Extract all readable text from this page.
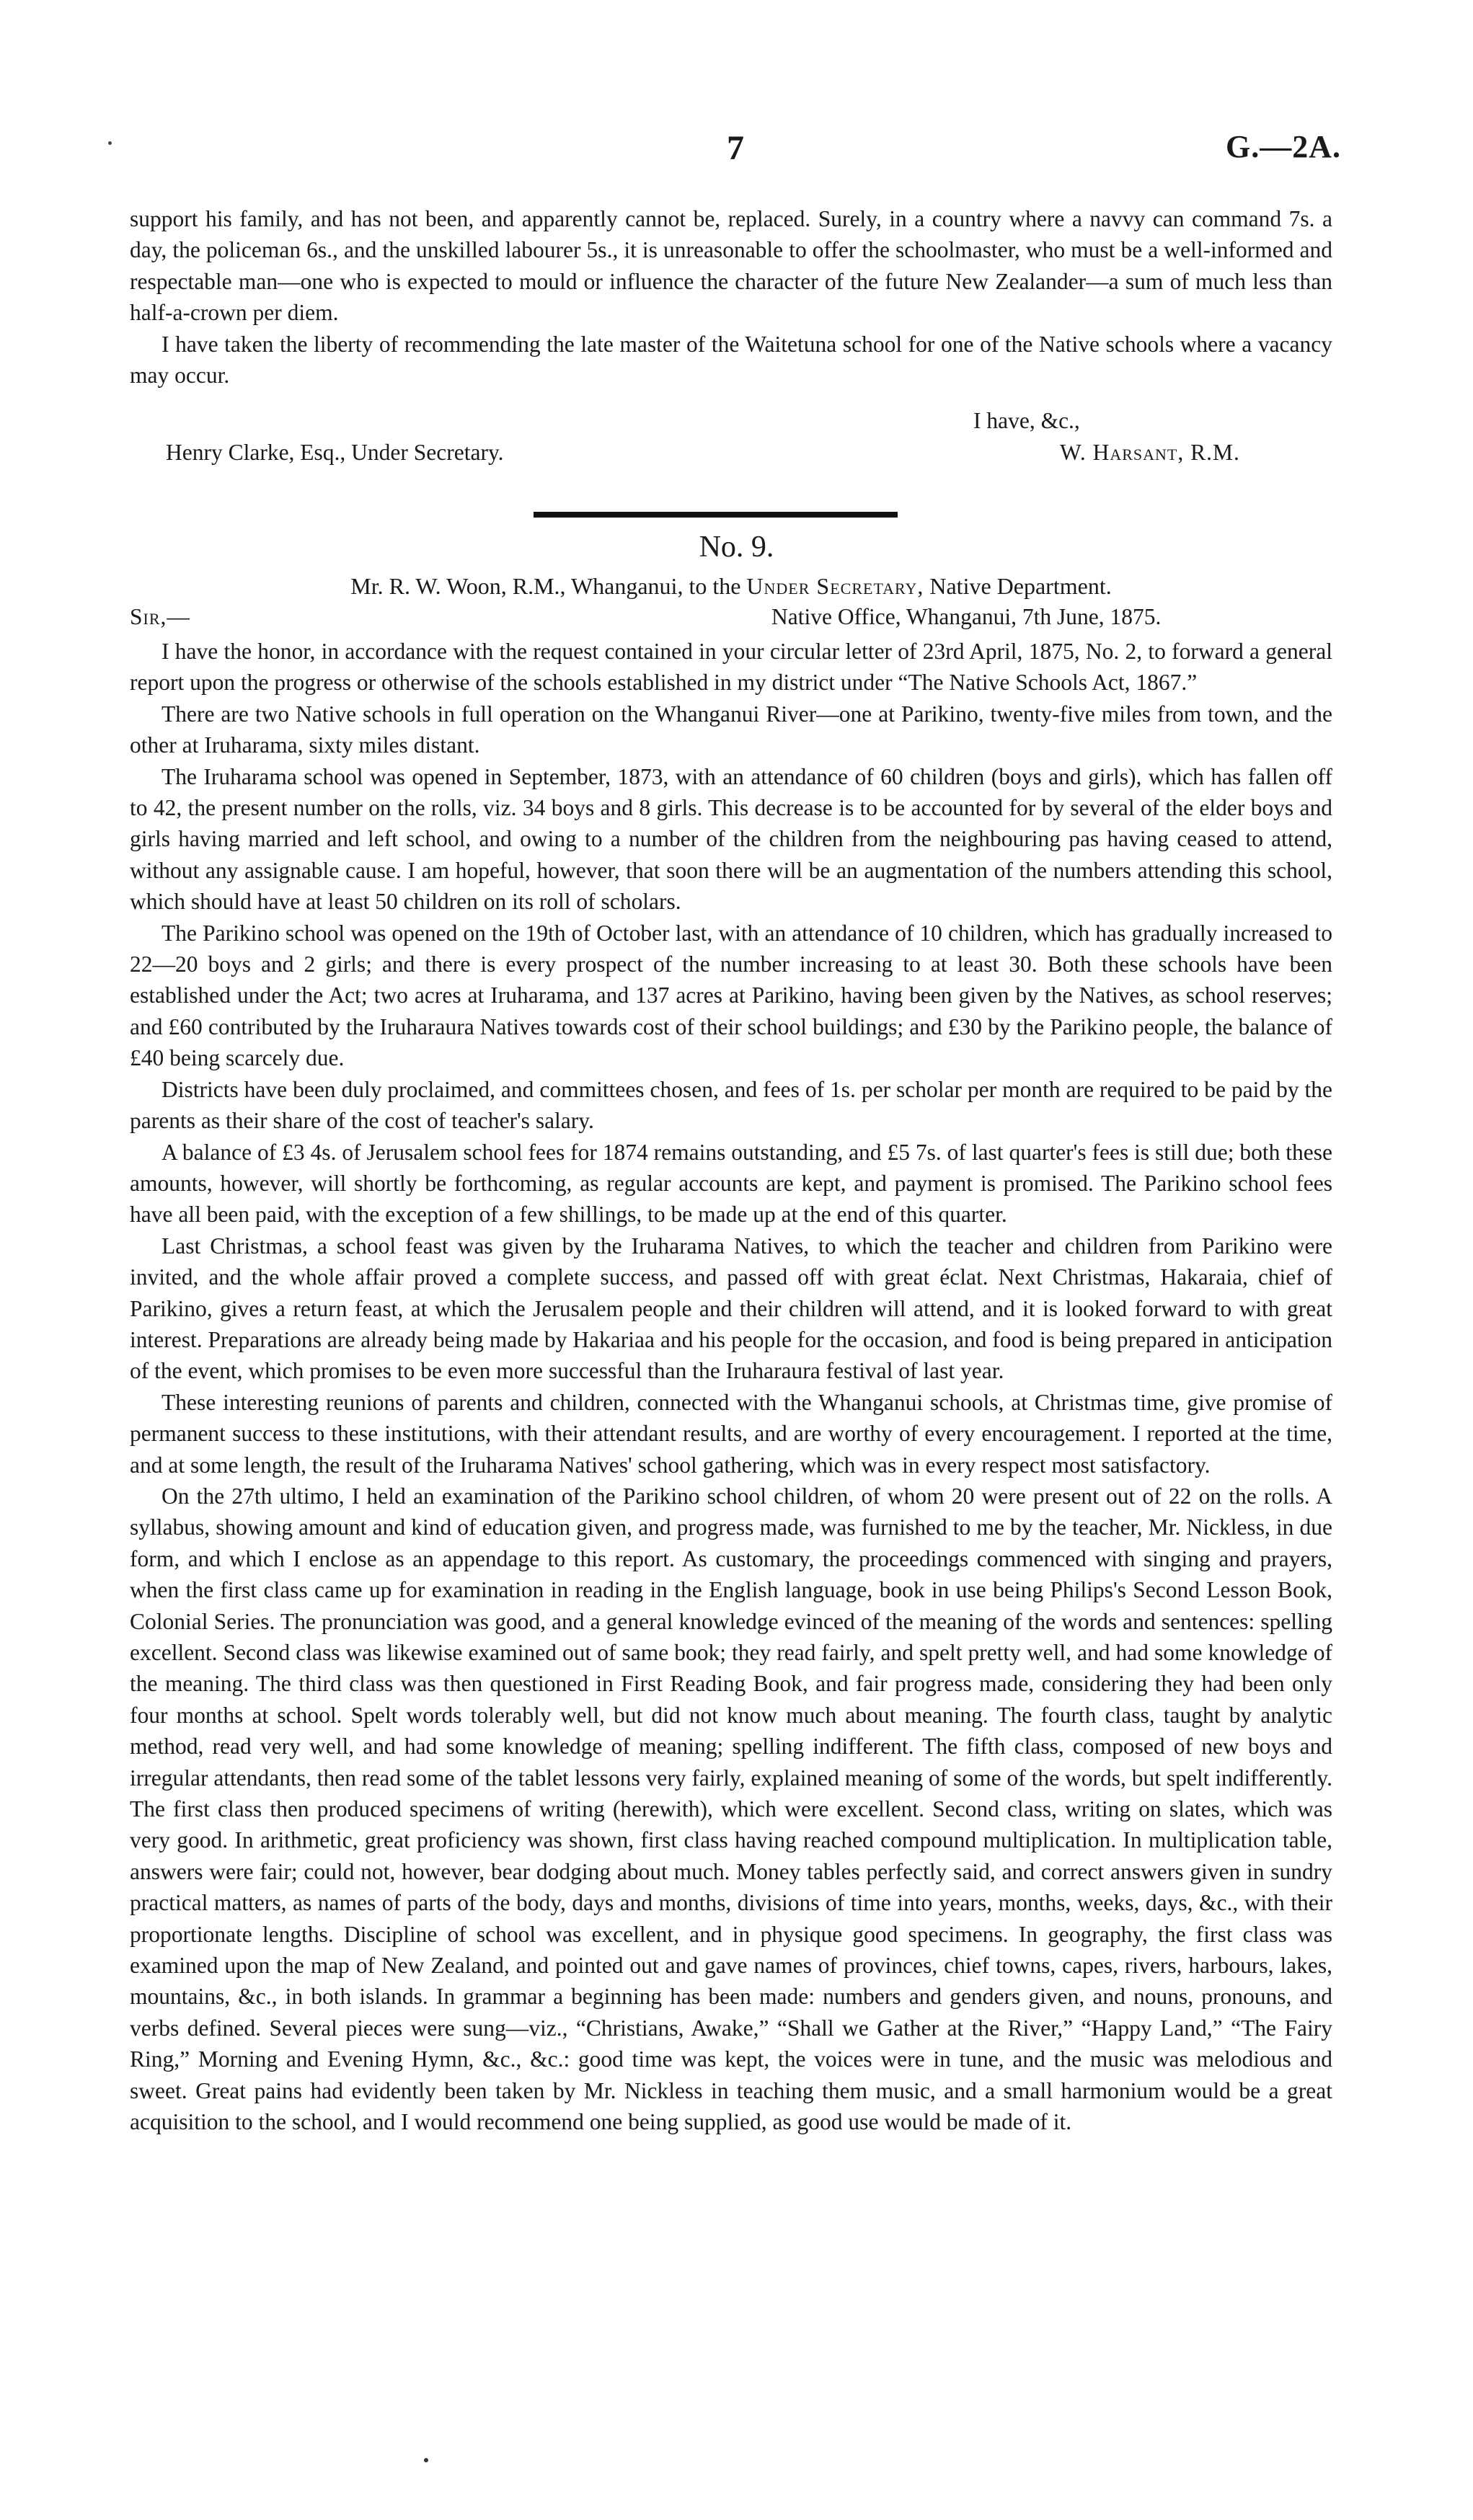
7	G.—2A.

support his family, and has not been, and apparently cannot be, replaced. Surely, in a country where a navvy can command 7s. a day, the policeman 6s., and the unskilled labourer 5s., it is unreasonable to offer the schoolmaster, who must be a well-informed and respectable man—one who is expected to mould or influence the character of the future New Zealander—a sum of much less than half-a-crown per diem.

I have taken the liberty of recommending the late master of the Waitetuna school for one of the Native schools where a vacancy may occur.

I have, &c.,
Henry Clarke, Esq., Under Secretary.	W. Harsant, R.M.
No. 9.
Mr. R. W. Woon, R.M., Whanganui, to the Under Secretary, Native Department.
Sir,—	Native Office, Whanganui, 7th June, 1875.

I have the honor, in accordance with the request contained in your circular letter of 23rd April, 1875, No. 2, to forward a general report upon the progress or otherwise of the schools established in my district under “The Native Schools Act, 1867.”

There are two Native schools in full operation on the Whanganui River—one at Parikino, twenty-five miles from town, and the other at Iruharama, sixty miles distant.

The Iruharama school was opened in September, 1873, with an attendance of 60 children (boys and girls), which has fallen off to 42, the present number on the rolls, viz. 34 boys and 8 girls. This decrease is to be accounted for by several of the elder boys and girls having married and left school, and owing to a number of the children from the neighbouring pas having ceased to attend, without any assignable cause. I am hopeful, however, that soon there will be an augmentation of the numbers attending this school, which should have at least 50 children on its roll of scholars.

The Parikino school was opened on the 19th of October last, with an attendance of 10 children, which has gradually increased to 22—20 boys and 2 girls; and there is every prospect of the number increasing to at least 30. Both these schools have been established under the Act; two acres at Iruharama, and 137 acres at Parikino, having been given by the Natives, as school reserves; and £60 contributed by the Iruharaura Natives towards cost of their school buildings; and £30 by the Parikino people, the balance of £40 being scarcely due.

Districts have been duly proclaimed, and committees chosen, and fees of 1s. per scholar per month are required to be paid by the parents as their share of the cost of teacher's salary.

A balance of £3 4s. of Jerusalem school fees for 1874 remains outstanding, and £5 7s. of last quarter's fees is still due; both these amounts, however, will shortly be forthcoming, as regular accounts are kept, and payment is promised. The Parikino school fees have all been paid, with the exception of a few shillings, to be made up at the end of this quarter.

Last Christmas, a school feast was given by the Iruharama Natives, to which the teacher and children from Parikino were invited, and the whole affair proved a complete success, and passed off with great éclat. Next Christmas, Hakaraia, chief of Parikino, gives a return feast, at which the Jerusalem people and their children will attend, and it is looked forward to with great interest. Preparations are already being made by Hakariaa and his people for the occasion, and food is being prepared in anticipation of the event, which promises to be even more successful than the Iruharaura festival of last year.

These interesting reunions of parents and children, connected with the Whanganui schools, at Christmas time, give promise of permanent success to these institutions, with their attendant results, and are worthy of every encouragement. I reported at the time, and at some length, the result of the Iruharama Natives' school gathering, which was in every respect most satisfactory.

On the 27th ultimo, I held an examination of the Parikino school children, of whom 20 were present out of 22 on the rolls. A syllabus, showing amount and kind of education given, and progress made, was furnished to me by the teacher, Mr. Nickless, in due form, and which I enclose as an appendage to this report. As customary, the proceedings commenced with singing and prayers, when the first class came up for examination in reading in the English language, book in use being Philips's Second Lesson Book, Colonial Series. The pronunciation was good, and a general knowledge evinced of the meaning of the words and sentences: spelling excellent. Second class was likewise examined out of same book; they read fairly, and spelt pretty well, and had some knowledge of the meaning. The third class was then questioned in First Reading Book, and fair progress made, considering they had been only four months at school. Spelt words tolerably well, but did not know much about meaning. The fourth class, taught by analytic method, read very well, and had some knowledge of meaning; spelling indifferent. The fifth class, composed of new boys and irregular attendants, then read some of the tablet lessons very fairly, explained meaning of some of the words, but spelt indifferently. The first class then produced specimens of writing (herewith), which were excellent. Second class, writing on slates, which was very good. In arithmetic, great proficiency was shown, first class having reached compound multiplication. In multiplication table, answers were fair; could not, however, bear dodging about much. Money tables perfectly said, and correct answers given in sundry practical matters, as names of parts of the body, days and months, divisions of time into years, months, weeks, days, &c., with their proportionate lengths. Discipline of school was excellent, and in physique good specimens. In geography, the first class was examined upon the map of New Zealand, and pointed out and gave names of provinces, chief towns, capes, rivers, harbours, lakes, mountains, &c., in both islands. In grammar a beginning has been made: numbers and genders given, and nouns, pronouns, and verbs defined. Several pieces were sung—viz., “Christians, Awake,” “Shall we Gather at the River,” “Happy Land,” “The Fairy Ring,” Morning and Evening Hymn, &c., &c.: good time was kept, the voices were in tune, and the music was melodious and sweet. Great pains had evidently been taken by Mr. Nickless in teaching them music, and a small harmonium would be a great acquisition to the school, and I would recommend one being supplied, as good use would be made of it.
